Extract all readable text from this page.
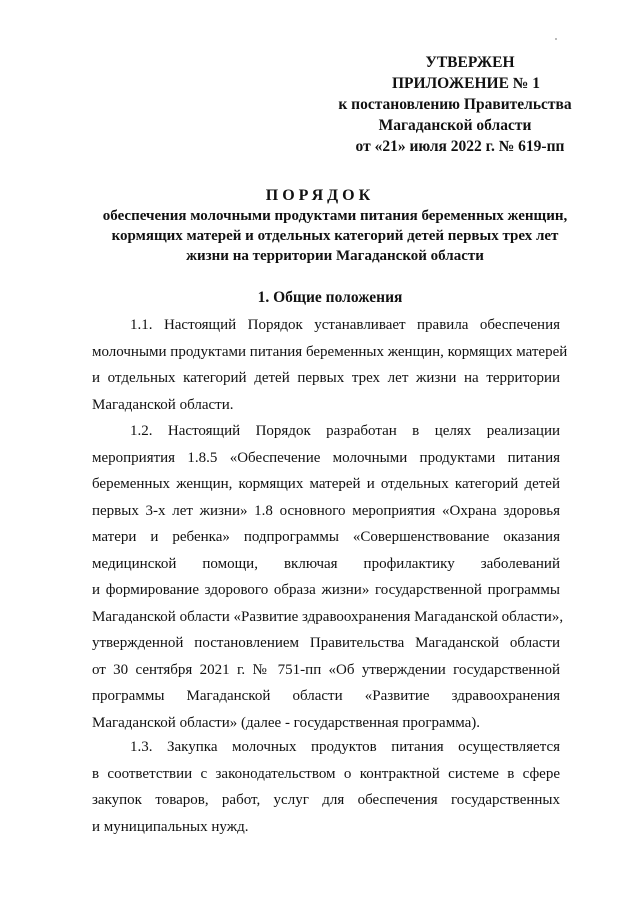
УТВЕРЖЕН
ПРИЛОЖЕНИЕ № 1
к постановлению Правительства
Магаданской области
от «21» июля 2022 г. № 619-пп
ПОРЯДОК
обеспечения молочными продуктами питания беременных женщин,
кормящих матерей и отдельных категорий детей первых трех лет
жизни на территории Магаданской области
1. Общие положения
1.1. Настоящий Порядок устанавливает правила обеспечения
молочными продуктами питания беременных женщин, кормящих матерей
и отдельных категорий детей первых трех лет жизни на территории
Магаданской области.
1.2. Настоящий Порядок разработан в целях реализации
мероприятия 1.8.5 «Обеспечение молочными продуктами питания
беременных женщин, кормящих матерей и отдельных категорий детей
первых 3-х лет жизни» 1.8 основного мероприятия «Охрана здоровья
матери и ребенка» подпрограммы «Совершенствование оказания
медицинской помощи, включая профилактику заболеваний
и формирование здорового образа жизни» государственной программы
Магаданской области «Развитие здравоохранения Магаданской области»,
утвержденной постановлением Правительства Магаданской области
от 30 сентября 2021 г. № 751-пп «Об утверждении государственной
программы Магаданской области «Развитие здравоохранения
Магаданской области» (далее - государственная программа).
1.3. Закупка молочных продуктов питания осуществляется
в соответствии с законодательством о контрактной системе в сфере
закупок товаров, работ, услуг для обеспечения государственных
и муниципальных нужд.
